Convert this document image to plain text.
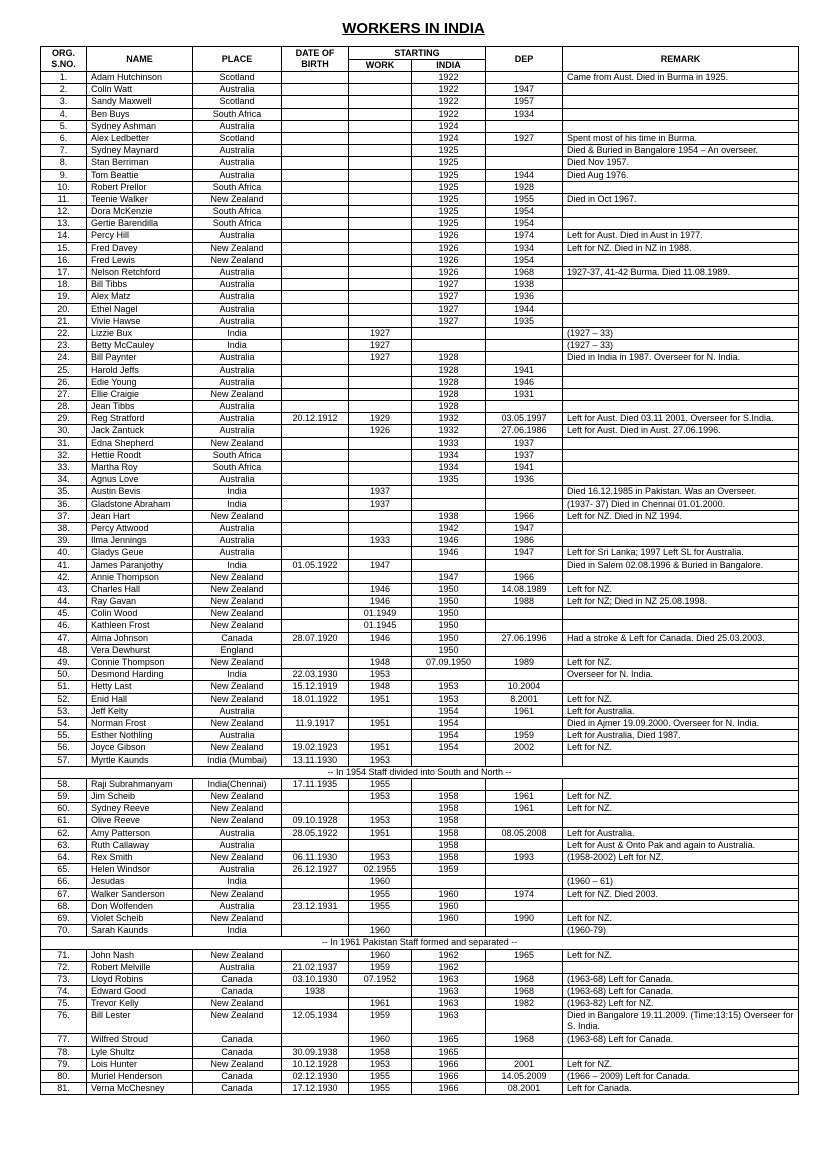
WORKERS IN INDIA
ORG. S.NO.	NAME	PLACE	DATE OF BIRTH	STARTING		DEP	REMARK
				WORK	INDIA		
1.	Adam Hutchinson	Scotland			1922		Came from Aust. Died in Burma in 1925.
2.	Colin Watt	Australia			1922	1947	
3.	Sandy Maxwell	Scotland			1922	1957	
4.	Ben Buys	South Africa			1922	1934	
5.	Sydney Ashman	Australia			1924		
6.	Alex Ledbetter	Scotland			1924	1927	Spent most of his time in Burma.
7.	Sydney Maynard	Australia			1925		Died & Buried in Bangalore 1954 – An overseer.
8.	Stan Berriman	Australia			1925		Died Nov 1957.
9.	Tom Beattie	Australia			1925	1944	Died Aug 1976.
10.	Robert Prellor	South Africa			1925	1928	
11.	Teenie Walker	New Zealand			1925	1955	Died in Oct 1967.
12.	Dora McKenzie	South Africa			1925	1954	
13.	Gertie Barendilla	South Africa			1925	1954	
14.	Percy Hill	Australia			1926	1974	Left for Aust. Died in Aust in 1977.
15.	Fred Davey	New Zealand			1926	1934	Left for NZ. Died in NZ in 1988.
16.	Fred Lewis	New Zealand			1926	1954	
17.	Nelson Retchford	Australia			1926	1968	1927-37, 41-42 Burma. Died 11.08.1989.
18.	Bill Tibbs	Australia			1927	1938	
19.	Alex Matz	Australia			1927	1936	
20.	Ethel Nagel	Australia			1927	1944	
21.	Vivie Hawse	Australia			1927	1935	
22.	Lizzie Bux	India		1927			(1927 – 33)
23.	Betty McCauley	India		1927			(1927 – 33)
24.	Bill Paynter	Australia		1927	1928		Died in India in 1987. Overseer for N. India.
25.	Harold Jeffs	Australia			1928	1941	
26.	Edie Young	Australia			1928	1946	
27.	Ellie Craigie	New Zealand			1928	1931	
28.	Jean Tibbs	Australia			1928		
29.	Reg Stratford	Australia	20.12.1912	1929	1932	03.05.1997	Left for Aust. Died 03.11 2001. Overseer for S.India.
30.	Jack Zantuck	Australia		1926	1932	27.06.1986	Left for Aust. Died in Aust. 27.06.1996.
31.	Edna Shepherd	New Zealand			1933	1937	
32.	Hettie Roodt	South Africa			1934	1937	
33.	Martha Roy	South Africa			1934	1941	
34.	Agnus Love	Australia			1935	1936	
35.	Austin Bevis	India		1937			Died 16.12.1985 in Pakistan. Was an Overseer.
36.	Gladstone Abraham	India		1937			(1937- 37) Died in Chennai 01.01.2000.
37.	Jean Hart	New Zealand			1938	1966	Left for NZ. Died in NZ 1994.
38.	Percy Attwood	Australia			1942	1947	
39.	Ilma Jennings	Australia		1933	1946	1986	
40.	Gladys Geue	Australia			1946	1947	Left for Sri Lanka; 1997 Left SL for Australia.
41.	James Paranjothy	India	01.05.1922	1947			Died in Salem 02.08.1996 & Buried in Bangalore.
42.	Annie Thompson	New Zealand			1947	1966	
43.	Charles Hall	New Zealand		1946	1950	14.08.1989	Left for NZ.
44.	Ray Gavan	New Zealand		1946	1950	1988	Left for NZ; Died in NZ 25.08.1998.
45.	Colin Wood	New Zealand		01.1949	1950		
46.	Kathleen Frost	New Zealand		01.1945	1950		
47.	Alma Johnson	Canada	28.07.1920	1946	1950	27.06.1996	Had a stroke & Left for Canada. Died 25.03.2003.
48.	Vera Dewhurst	England			1950		
49.	Connie Thompson	New Zealand		1948	07.09.1950	1989	Left for NZ.
50.	Desmond Harding	India	22.03.1930	1953			Overseer for N. India.
51.	Hetty Last	New Zealand	15.12.1919	1948	1953	10.2004	
52.	Enid Hall	New Zealand	18.01.1922	1951	1953	8.2001	Left for NZ.
53.	Jeff Kelty	Australia			1954	1961	Left for Australia.
54.	Norman Frost	New Zealand	11.9.1917	1951	1954		Died in Ajmer 19.09.2000. Overseer for N. India.
55.	Esther Nothling	Australia			1954	1959	Left for Australia, Died 1987.
56.	Joyce Gibson	New Zealand	19.02.1923	1951	1954	2002	Left for NZ.
57.	Myrtle Kaunds	India (Mumbai)	13.11.1930	1953			
-- In 1954 Staff divided into South and North --							
58.	Raji Subrahmanyam	India(Chennai)	17.11.1935	1955			
59.	Jim Scheib	New Zealand		1953	1958	1961	Left for NZ.
60.	Sydney Reeve	New Zealand			1958	1961	Left for NZ.
61.	Olive Reeve	New Zealand	09.10.1928	1953	1958		
62.	Amy Patterson	Australia	28.05.1922	1951	1958	08.05.2008	Left for Australia.
63.	Ruth Callaway	Australia			1958		Left for Aust & Onto Pak and again to Australia.
64.	Rex Smith	New Zealand	06.11.1930	1953	1958	1993	(1958-2002) Left for NZ.
65.	Helen Windsor	Australia	26.12.1927	02.1955	1959		
66.	Jesudas	India		1960			(1960 – 61)
67.	Walker Sanderson	New Zealand		1955	1960	1974	Left for NZ. Died 2003.
68.	Don Wolfenden	Australia	23.12.1931	1955	1960		
69.	Violet Scheib	New Zealand			1960	1990	Left for NZ.
70.	Sarah Kaunds	India		1960			(1960-79)
-- In 1961 Pakistan Staff formed and separated --							
71.	John Nash	New Zealand		1960	1962	1965	Left for NZ.
72.	Robert Melville	Australia	21.02.1937	1959	1962		
73.	Lloyd Robins	Canada	03.10.1930	07.1952	1963	1968	(1963-68) Left for Canada.
74.	Edward Good	Canada	1938		1963	1968	(1963-68) Left for Canada.
75.	Trevor Kelly	New Zealand		1961	1963	1982	(1963-82) Left for NZ.
76.	Bill Lester	New Zealand	12.05.1934	1959	1963		Died in Bangalore 19.11.2009. (Time:13:15) Overseer for S. India.
77.	Wilfred Stroud	Canada		1960	1965	1968	(1963-68) Left for Canada.
78.	Lyle Shultz	Canada	30.09.1938	1958	1965		
79.	Lois Hunter	New Zealand	10.12.1928	1953	1966	2001	Left for NZ.
80.	Muriel Henderson	Canada	02.12.1930	1955	1966	14.05.2009	(1966 – 2009) Left for Canada.
81.	Verna McChesney	Canada	17.12.1930	1955	1966	08.2001	Left for Canada.
